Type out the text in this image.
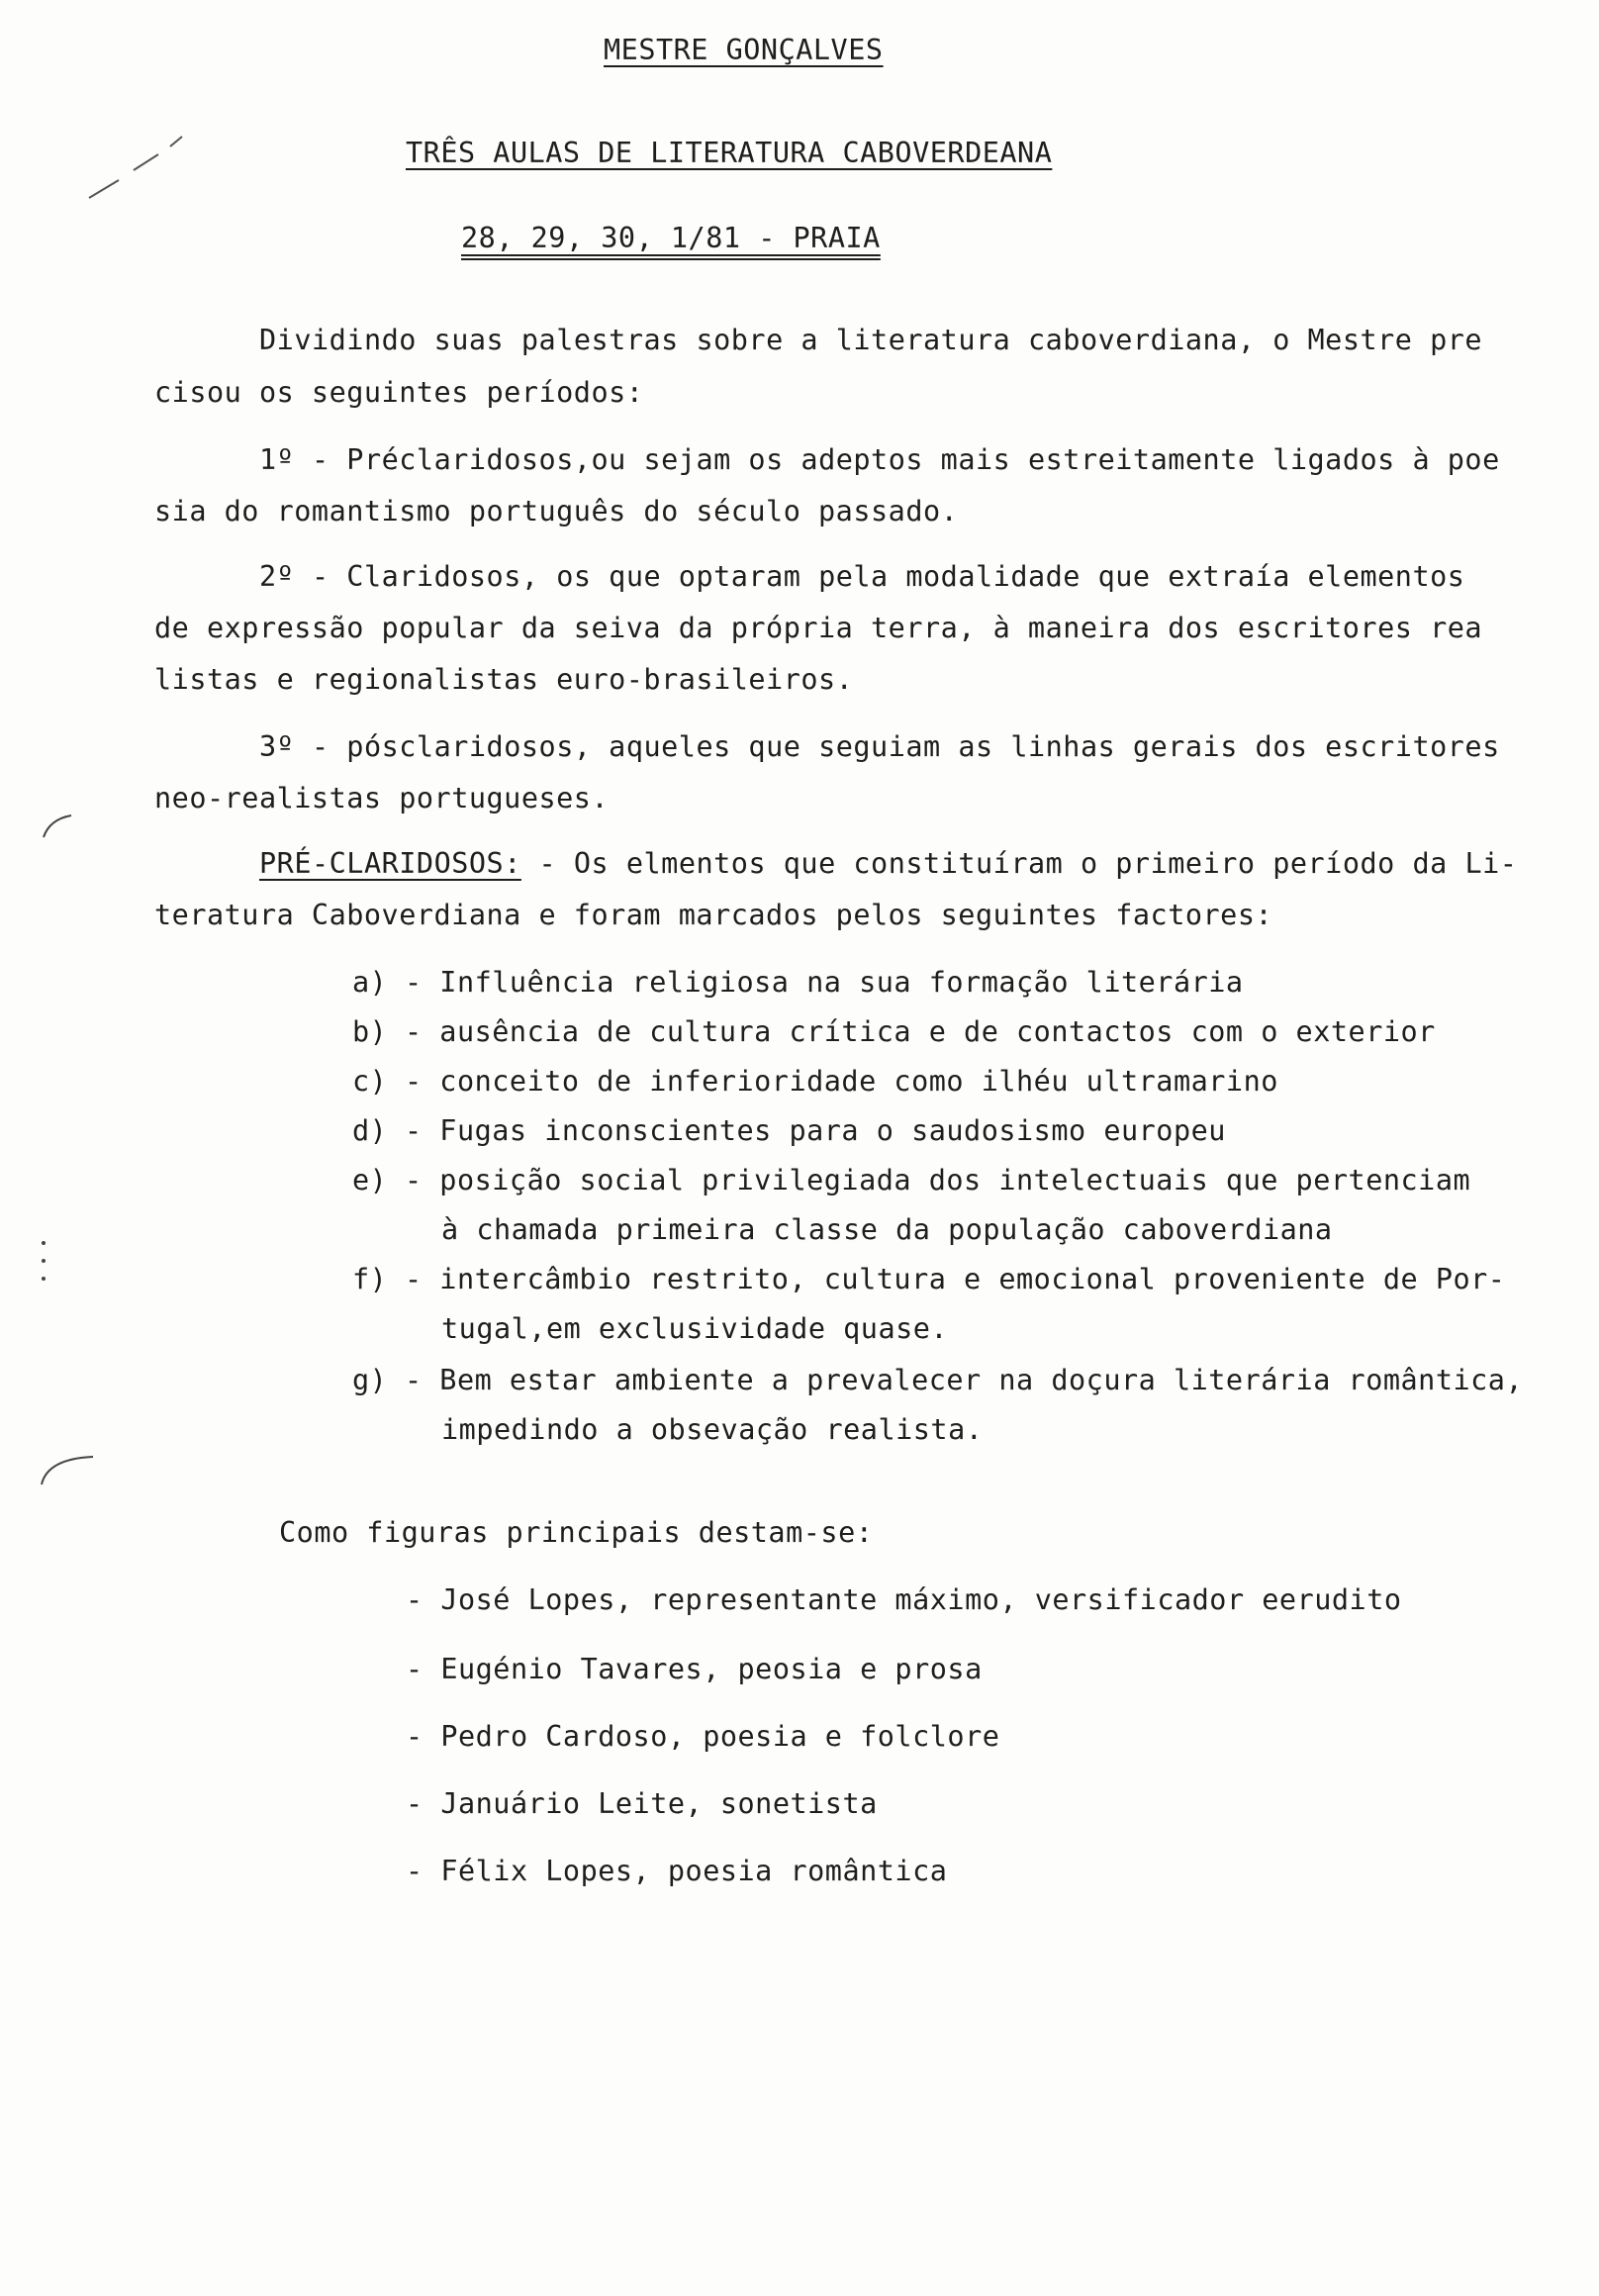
MESTRE GONÇALVES
TRÊS AULAS DE LITERATURA CABOVERDEANA
28, 29, 30, 1/81 - PRAIA
Dividindo suas palestras sobre a literatura caboverdiana, o Mestre pre
cisou os seguintes períodos:
1º - Préclaridosos,ou sejam os adeptos mais estreitamente ligados à poe
sia do romantismo português do século passado.
2º - Claridosos, os que optaram pela modalidade que extraía elementos
de expressão popular da seiva da própria terra, à maneira dos escritores rea
listas e regionalistas euro-brasileiros.
3º - pósclaridosos, aqueles que seguiam as linhas gerais dos escritores
neo-realistas portugueses.
PRÉ-CLARIDOSOS: - Os elmentos que constituíram o primeiro período da Li-
teratura Caboverdiana e foram marcados pelos seguintes factores:
a) - Influência religiosa na sua formação literária
b) - ausência de cultura crítica e de contactos com o exterior
c) - conceito de inferioridade como ilhéu ultramarino
d) - Fugas inconscientes para o saudosismo europeu
e) - posição social privilegiada dos intelectuais que pertenciam
à chamada primeira classe da população caboverdiana
f) - intercâmbio restrito, cultura e emocional proveniente de Por-
tugal,em exclusividade quase.
g) - Bem estar ambiente a prevalecer na doçura literária romântica,
impedindo a obsevação realista.
Como figuras principais destam-se:
- José Lopes, representante máximo, versificador eerudito
- Eugénio Tavares, peosia e prosa
- Pedro Cardoso, poesia e folclore
- Januário Leite, sonetista
- Félix Lopes, poesia romântica
